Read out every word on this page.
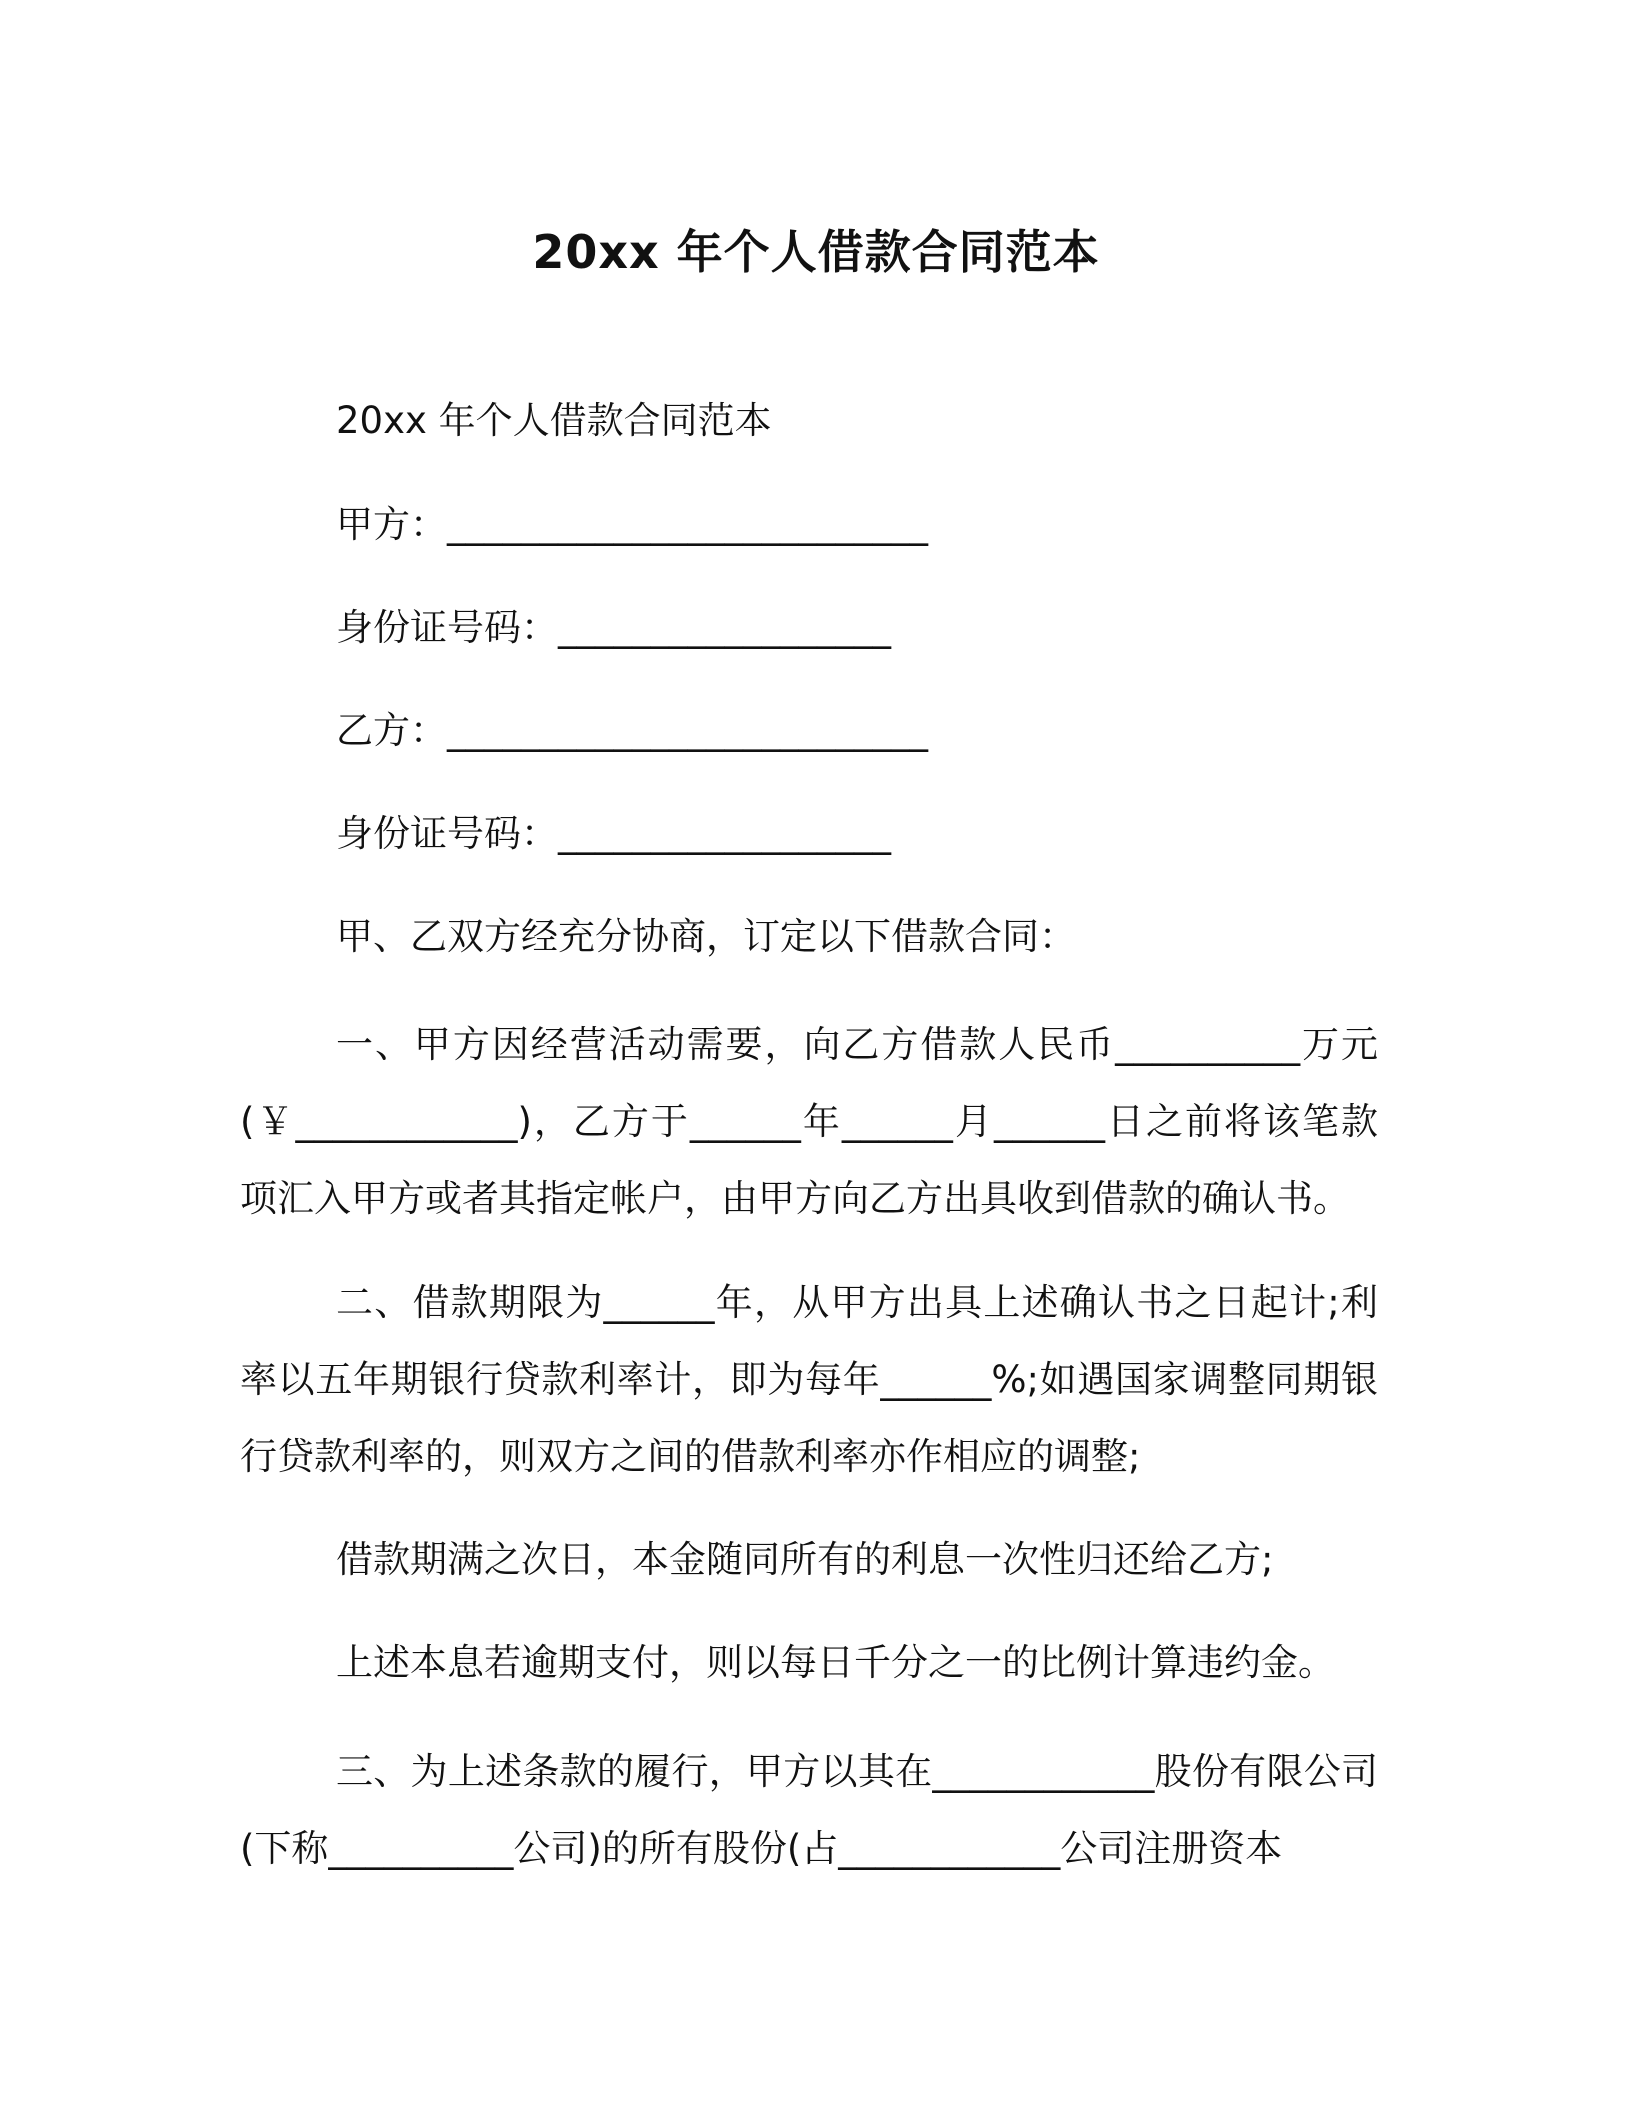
20xx 年个人借款合同范本
20xx 年个人借款合同范本
甲方：__________________________
身份证号码：__________________
乙方：__________________________
身份证号码：__________________
甲、乙双方经充分协商，订定以下借款合同：
一、甲方因经营活动需要，向乙方借款人民币__________万元(￥____________)，乙方于______年______月______日之前将该笔款项汇入甲方或者其指定帐户，由甲方向乙方出具收到借款的确认书。
二、借款期限为______年，从甲方出具上述确认书之日起计;利率以五年期银行贷款利率计，即为每年______%;如遇国家调整同期银行贷款利率的，则双方之间的借款利率亦作相应的调整;
借款期满之次日，本金随同所有的利息一次性归还给乙方;
上述本息若逾期支付，则以每日千分之一的比例计算违约金。
三、为上述条款的履行，甲方以其在____________股份有限公司(下称__________公司)的所有股份(占____________公司注册资本
